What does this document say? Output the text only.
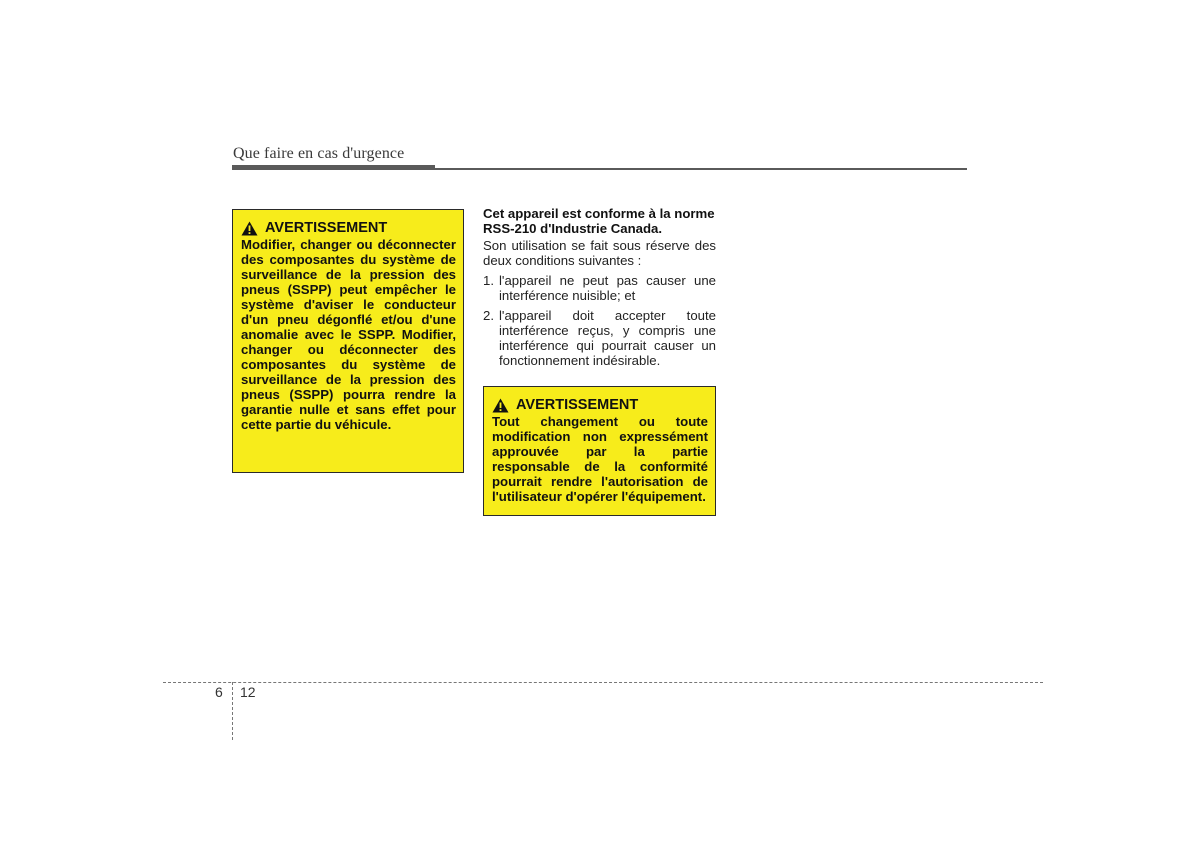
Que faire en cas d'urgence
AVERTISSEMENT
Modifier, changer ou déconnecter des composantes du système de surveillance de la pression des pneus (SSPP) peut empêcher le système d'aviser le conducteur d'un pneu dégonflé et/ou d'une anomalie avec le SSPP. Modifier, changer ou déconnecter des composantes du système de surveillance de la pression des pneus (SSPP) pourra rendre la garantie nulle et sans effet pour cette partie du véhicule.
Cet appareil est conforme à la norme RSS-210 d'Industrie Canada.
Son utilisation se fait sous réserve des deux conditions suivantes :
1. l'appareil ne peut pas causer une interférence nuisible; et
2. l'appareil doit accepter toute interférence reçus, y compris une interférence qui pourrait causer un fonctionnement indésirable.
AVERTISSEMENT
Tout changement ou toute modification non expressément approuvée par la partie responsable de la conformité pourrait rendre l'autorisation de l'utilisateur d'opérer l'équipement.
6 12
